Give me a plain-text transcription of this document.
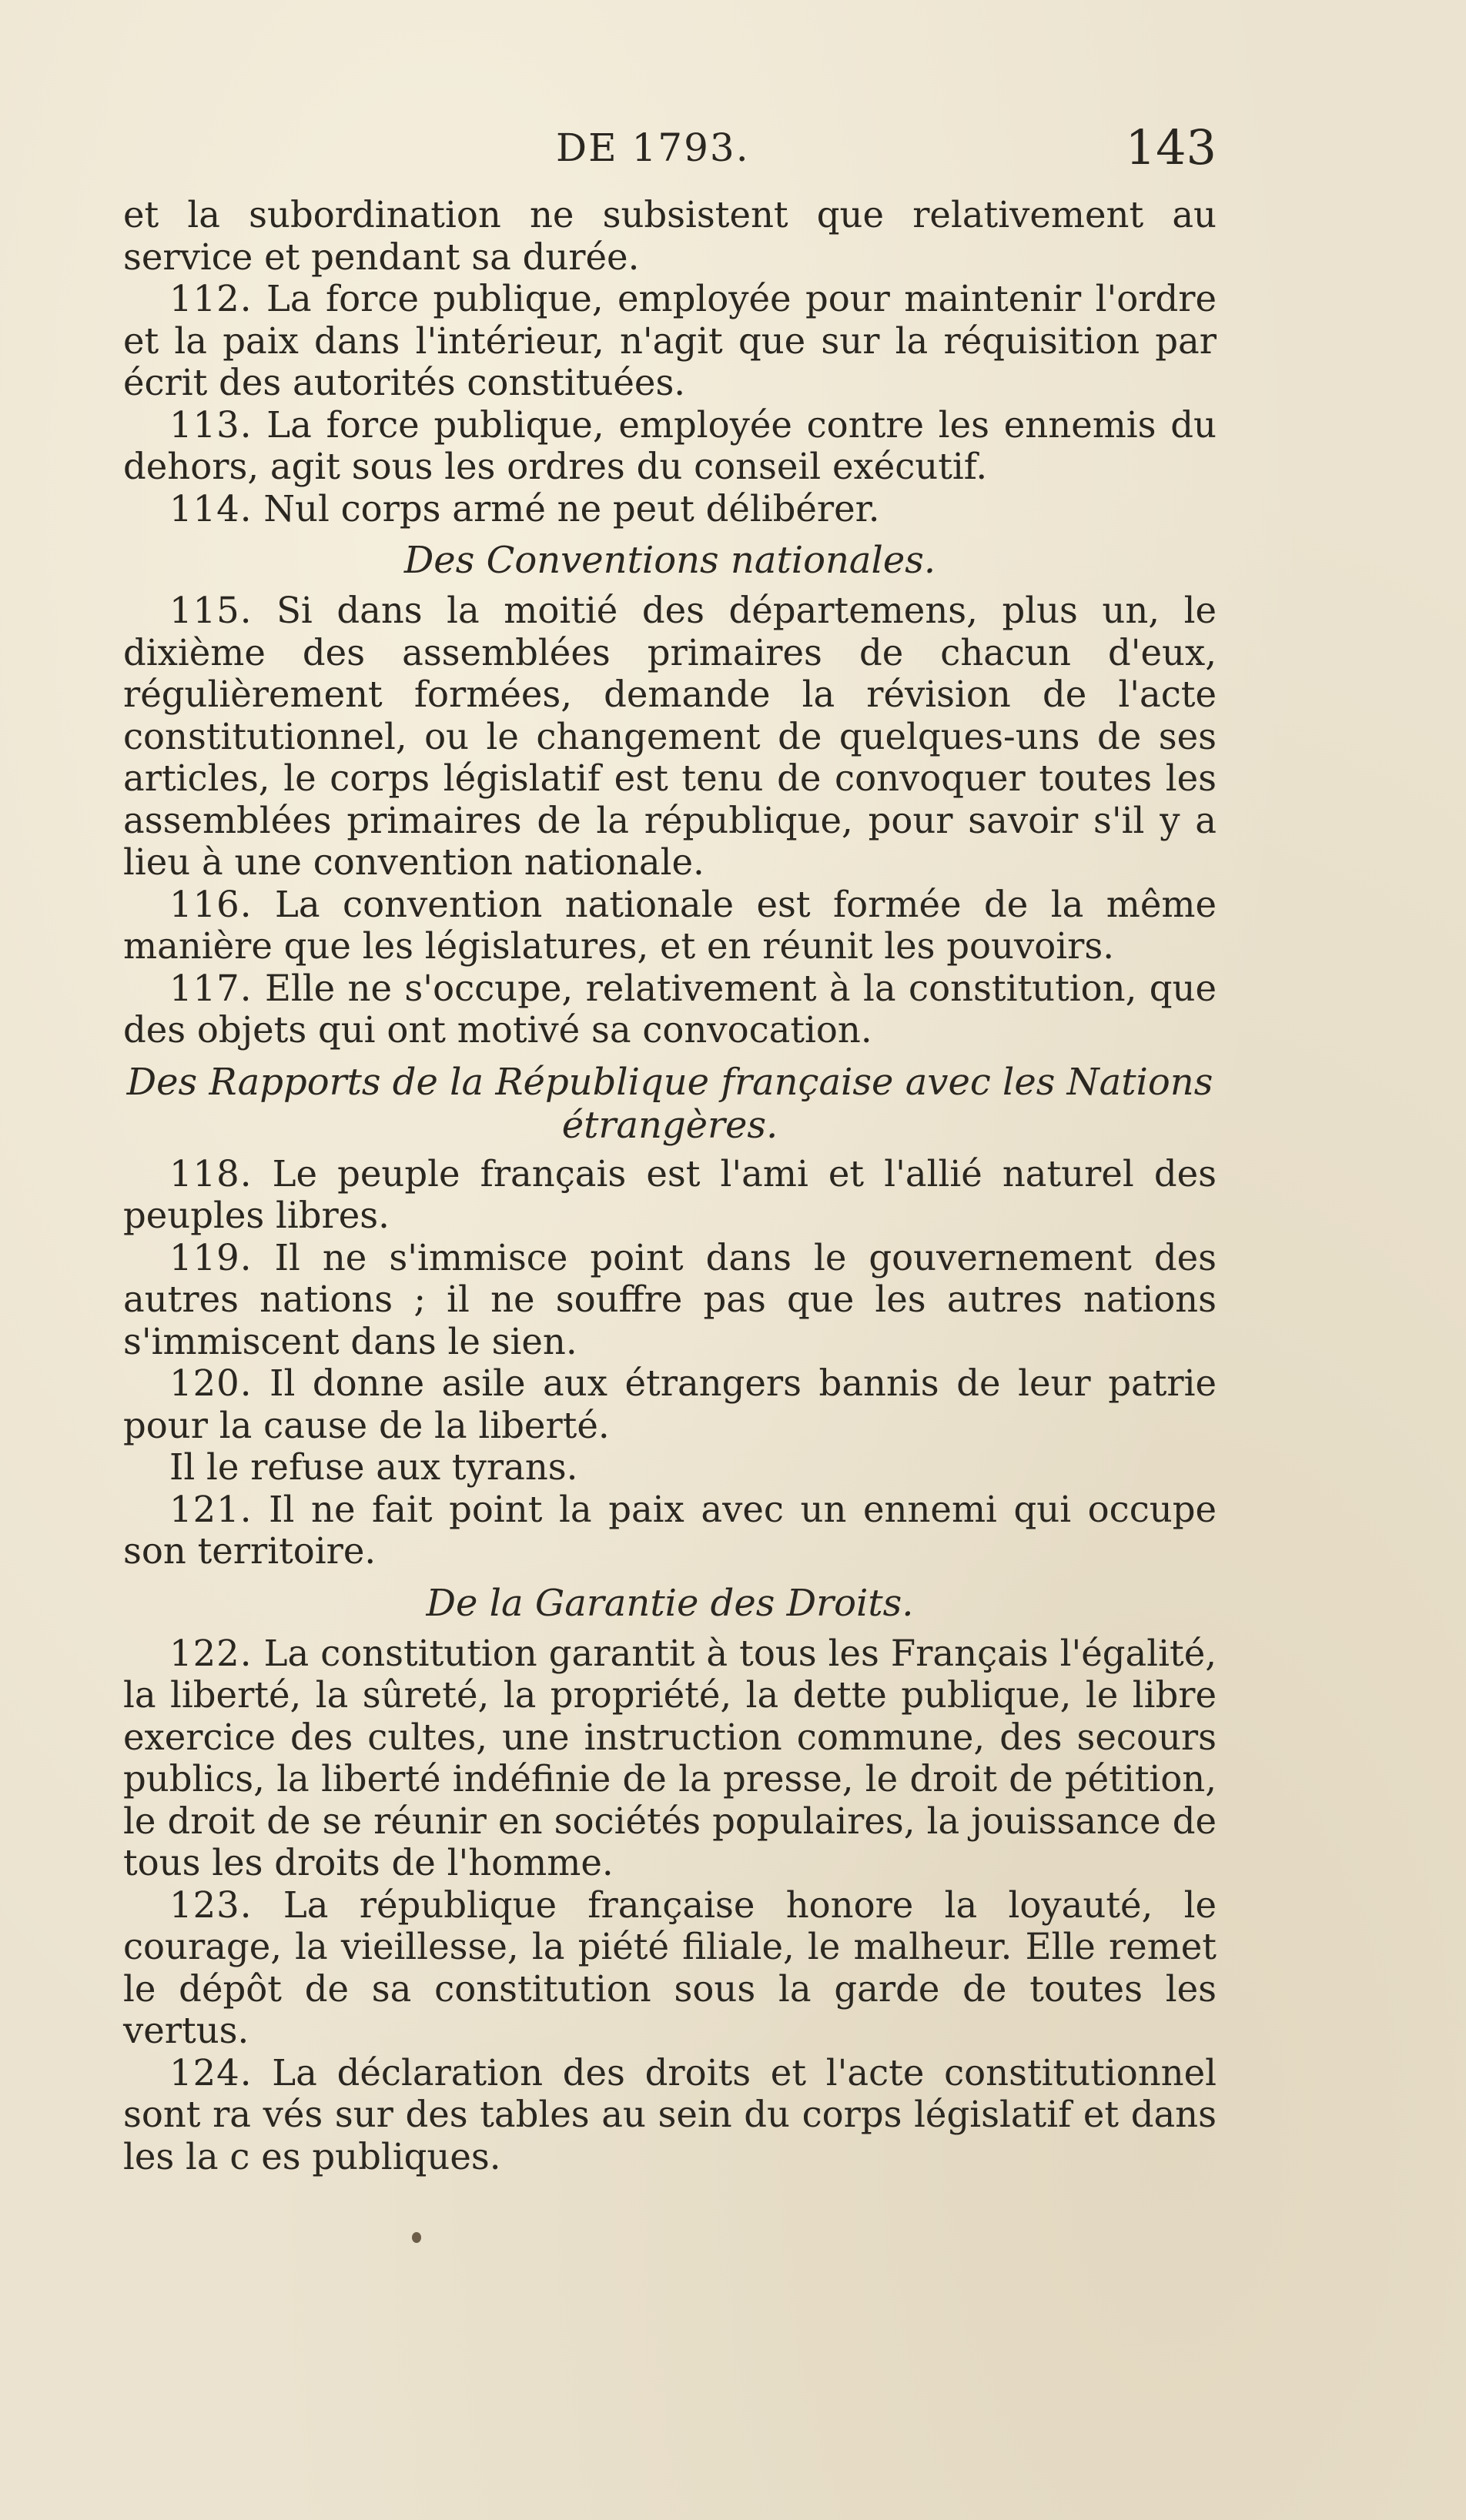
DE 1793.	143

et la subordination ne subsistent que relativement au service et pendant sa durée.

112. La force publique, employée pour maintenir l'ordre et la paix dans l'intérieur, n'agit que sur la réquisition par écrit des autorités constituées.

113. La force publique, employée contre les ennemis du dehors, agit sous les ordres du conseil exécutif.

114. Nul corps armé ne peut délibérer.

Des Conventions nationales.

115. Si dans la moitié des départemens, plus un, le dixième des assemblées primaires de chacun d'eux, régulièrement formées, demande la révision de l'acte constitutionnel, ou le changement de quelques-uns de ses articles, le corps législatif est tenu de convoquer toutes les assemblées primaires de la république, pour savoir s'il y a lieu à une convention nationale.

116. La convention nationale est formée de la même manière que les législatures, et en réunit les pouvoirs.

117. Elle ne s'occupe, relativement à la constitution, que des objets qui ont motivé sa convocation.

Des Rapports de la République française avec les Nations étrangères.

118. Le peuple français est l'ami et l'allié naturel des peuples libres.

119. Il ne s'immisce point dans le gouvernement des autres nations ; il ne souffre pas que les autres nations s'immiscent dans le sien.

120. Il donne asile aux étrangers bannis de leur patrie pour la cause de la liberté.

Il le refuse aux tyrans.

121. Il ne fait point la paix avec un ennemi qui occupe son territoire.

De la Garantie des Droits.

122. La constitution garantit à tous les Français l'égalité, la liberté, la sûreté, la propriété, la dette publique, le libre exercice des cultes, une instruction commune, des secours publics, la liberté indéfinie de la presse, le droit de pétition, le droit de se réunir en sociétés populaires, la jouissance de tous les droits de l'homme.

123. La république française honore la loyauté, le courage, la vieillesse, la piété filiale, le malheur. Elle remet le dépôt de sa constitution sous la garde de toutes les vertus.

124. La déclaration des droits et l'acte constitutionnel sont ra vés sur des tables au sein du corps législatif et dans les la c es publiques.
